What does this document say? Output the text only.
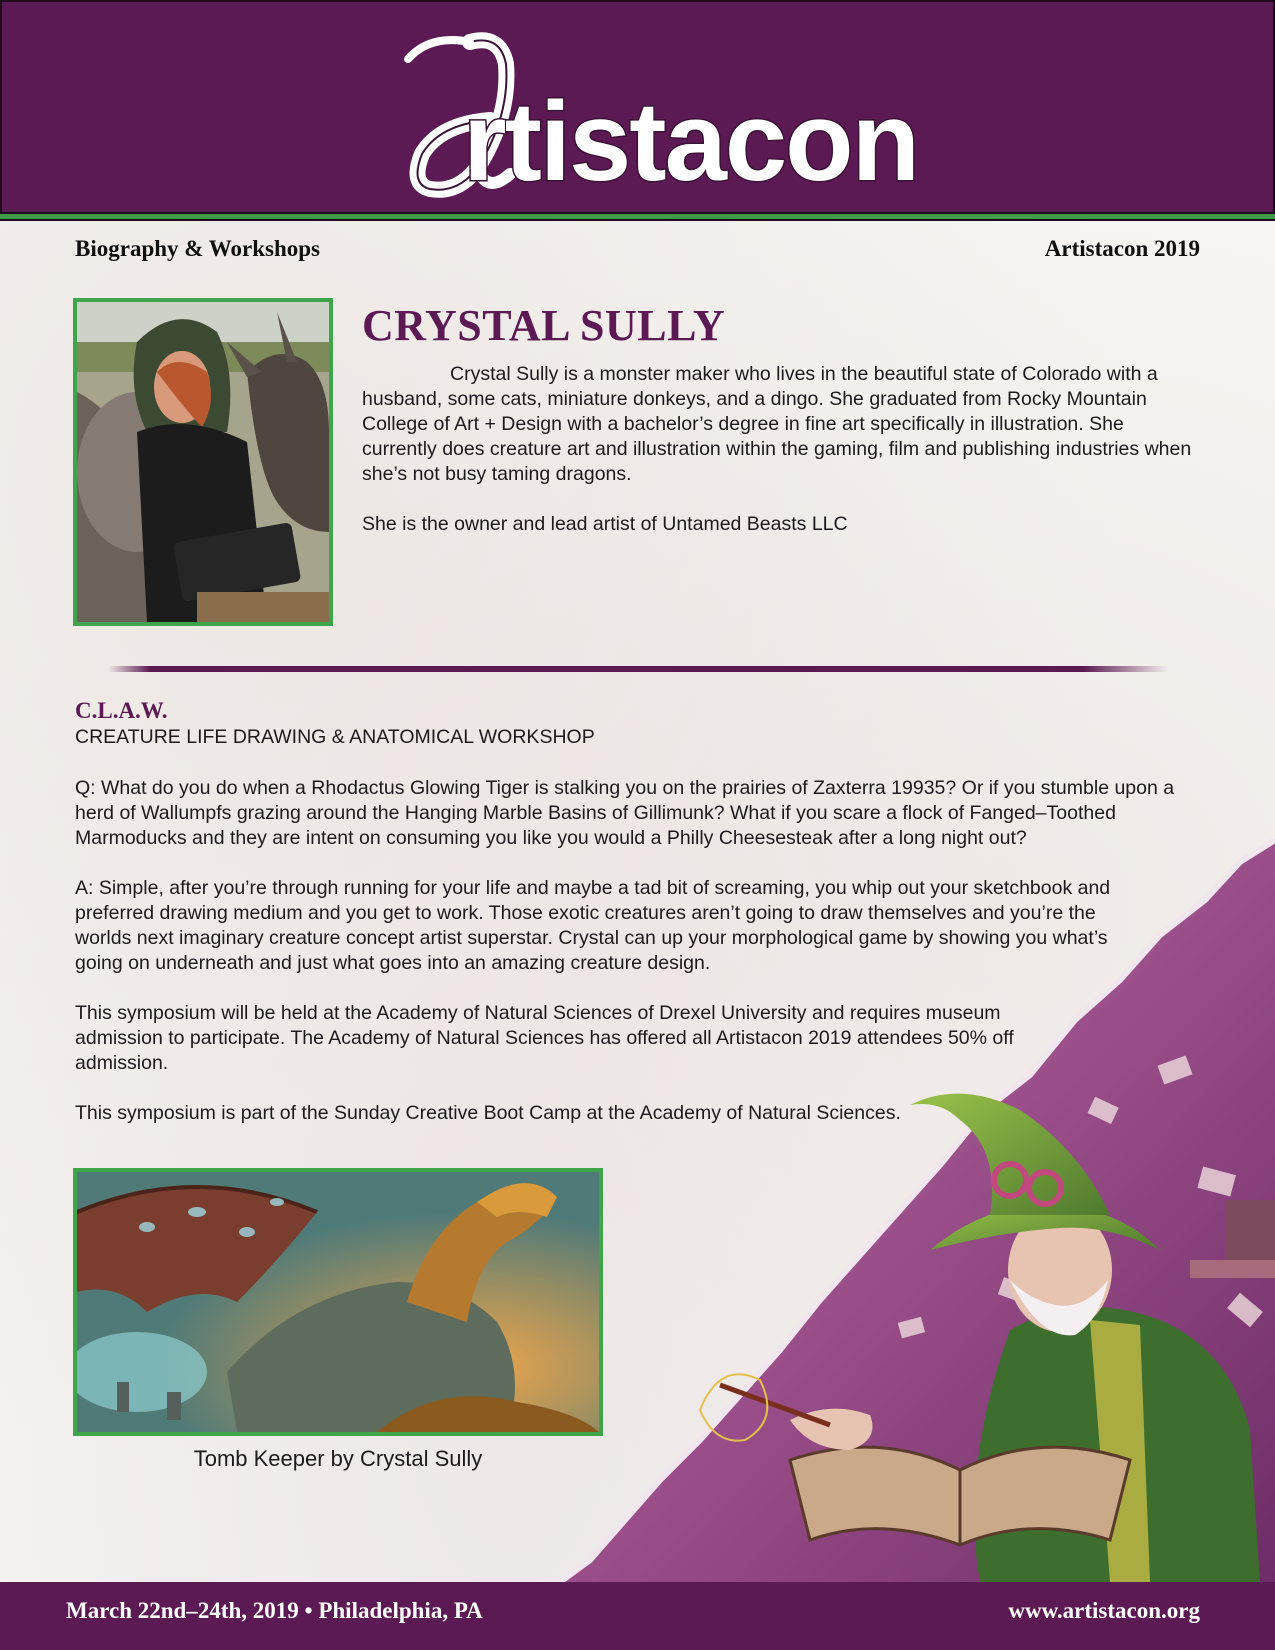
rtistacon
Biography & Workshops	Artistacon 2019
CRYSTAL SULLY

Crystal Sully is a monster maker who lives in the beautiful state of Colorado with a husband, some cats, miniature donkeys, and a dingo. She graduated from Rocky Mountain College of Art + Design with a bachelor’s degree in fine art specifically in illustration. She currently does creature art and illustration within the gaming, film and publishing industries when she’s not busy taming dragons.

She is the owner and lead artist of Untamed Beasts LLC

C.L.A.W.
CREATURE LIFE DRAWING & ANATOMICAL WORKSHOP

Q: What do you do when a Rhodactus Glowing Tiger is stalking you on the prairies of Zaxterra 19935? Or if you stumble upon a herd of Wallumpfs grazing around the Hanging Marble Basins of Gillimunk? What if you scare a flock of Fanged–Toothed Marmoducks and they are intent on consuming you like you would a Philly Cheesesteak after a long night out?

A: Simple, after you’re through running for your life and maybe a tad bit of screaming, you whip out your sketchbook and preferred drawing medium and you get to work. Those exotic creatures aren’t going to draw themselves and you’re the worlds next imaginary creature concept artist superstar. Crystal can up your morphological game by showing you what’s going on underneath and just what goes into an amazing creature design.

This symposium will be held at the Academy of Natural Sciences of Drexel University and requires museum admission to participate. The Academy of Natural Sciences has offered all Artistacon 2019 attendees 50% off admission.

This symposium is part of the Sunday Creative Boot Camp at the Academy of Natural Sciences.

Tomb Keeper by Crystal Sully
March 22nd–24th, 2019 • Philadelphia, PA	www.artistacon.org
